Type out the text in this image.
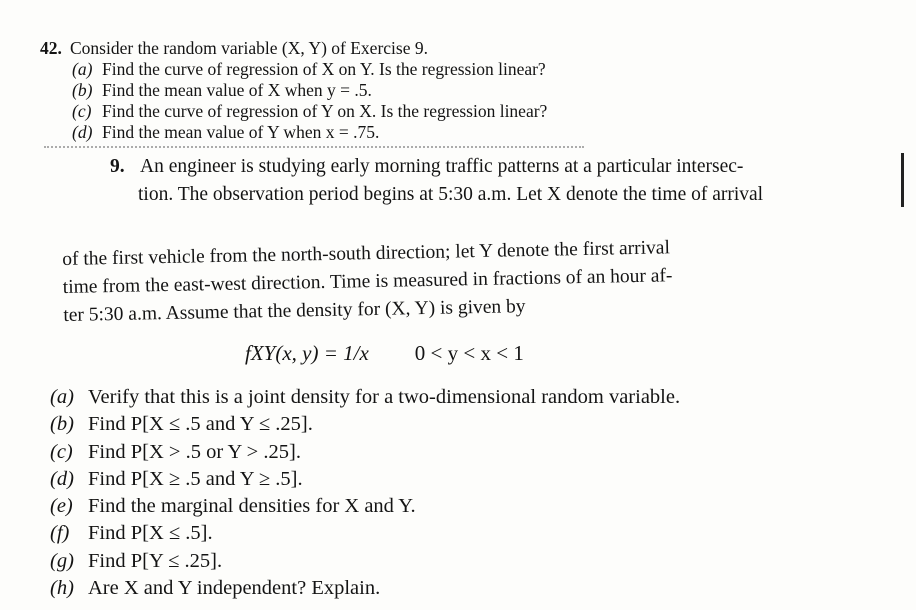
42. Consider the random variable (X, Y) of Exercise 9.
(a) Find the curve of regression of X on Y. Is the regression linear?
(b) Find the mean value of X when y = .5.
(c) Find the curve of regression of Y on X. Is the regression linear?
(d) Find the mean value of Y when x = .75.
9. An engineer is studying early morning traffic patterns at a particular intersec-
tion. The observation period begins at 5:30 a.m. Let X denote the time of arrival
of the first vehicle from the north-south direction; let Y denote the first arrival
time from the east-west direction. Time is measured in fractions of an hour af-
ter 5:30 a.m. Assume that the density for (X, Y) is given by
fXY(x, y) = 1/x 0 < y < x < 1
(a) Verify that this is a joint density for a two-dimensional random variable.
(b) Find P[X ≤ .5 and Y ≤ .25].
(c) Find P[X > .5 or Y > .25].
(d) Find P[X ≥ .5 and Y ≥ .5].
(e) Find the marginal densities for X and Y.
(f) Find P[X ≤ .5].
(g) Find P[Y ≤ .25].
(h) Are X and Y independent? Explain.
